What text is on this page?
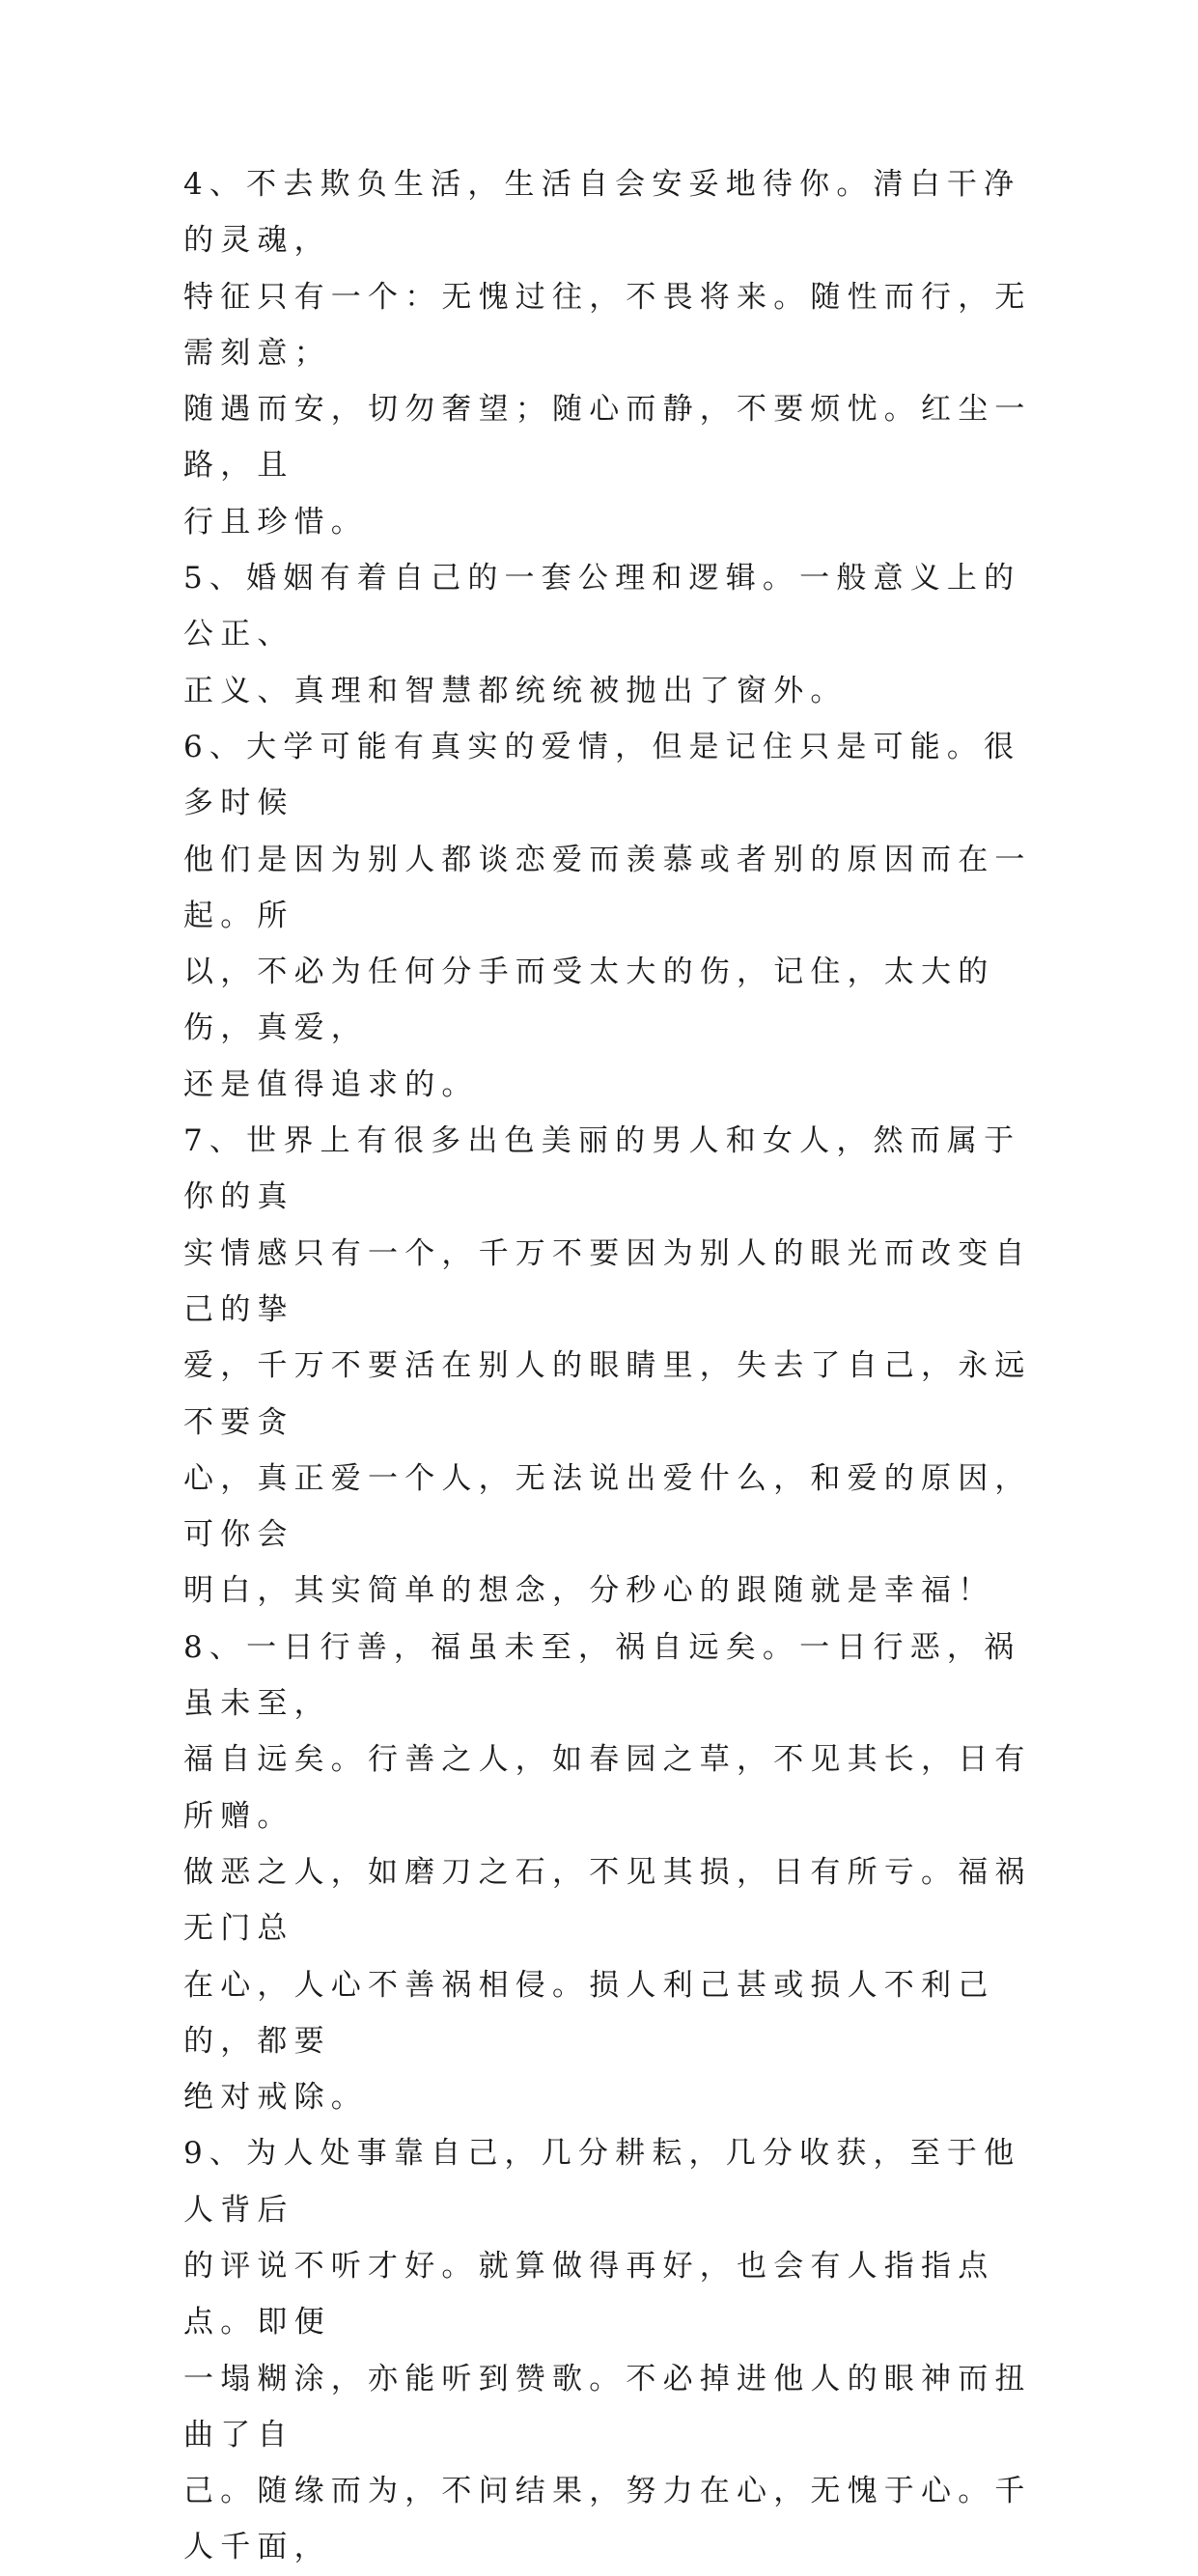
4、不去欺负生活，生活自会安妥地待你。清白干净的灵魂，
特征只有一个：无愧过往，不畏将来。随性而行，无需刻意；
随遇而安，切勿奢望；随心而静，不要烦忧。红尘一路，且
行且珍惜。

5、婚姻有着自己的一套公理和逻辑。一般意义上的公正、
正义、真理和智慧都统统被抛出了窗外。

6、大学可能有真实的爱情，但是记住只是可能。很多时候
他们是因为别人都谈恋爱而羡慕或者别的原因而在一起。所
以，不必为任何分手而受太大的伤，记住，太大的伤，真爱，
还是值得追求的。

7、世界上有很多出色美丽的男人和女人，然而属于你的真
实情感只有一个，千万不要因为别人的眼光而改变自己的挚
爱，千万不要活在别人的眼睛里，失去了自己，永远不要贪
心，真正爱一个人，无法说出爱什么，和爱的原因，可你会
明白，其实简单的想念，分秒心的跟随就是幸福！

8、一日行善，福虽未至，祸自远矣。一日行恶，祸虽未至，
福自远矣。行善之人，如春园之草，不见其长，日有所赠。
做恶之人，如磨刀之石，不见其损，日有所亏。福祸无门总
在心，人心不善祸相侵。损人利己甚或损人不利己的，都要
绝对戒除。

9、为人处事靠自己，几分耕耘，几分收获，至于他人背后
的评说不听才好。就算做得再好，也会有人指指点点。即便
一塌糊涂，亦能听到赞歌。不必掉进他人的眼神而扭曲了自
己。随缘而为，不问结果，努力在心，无愧于心。千人千面，
